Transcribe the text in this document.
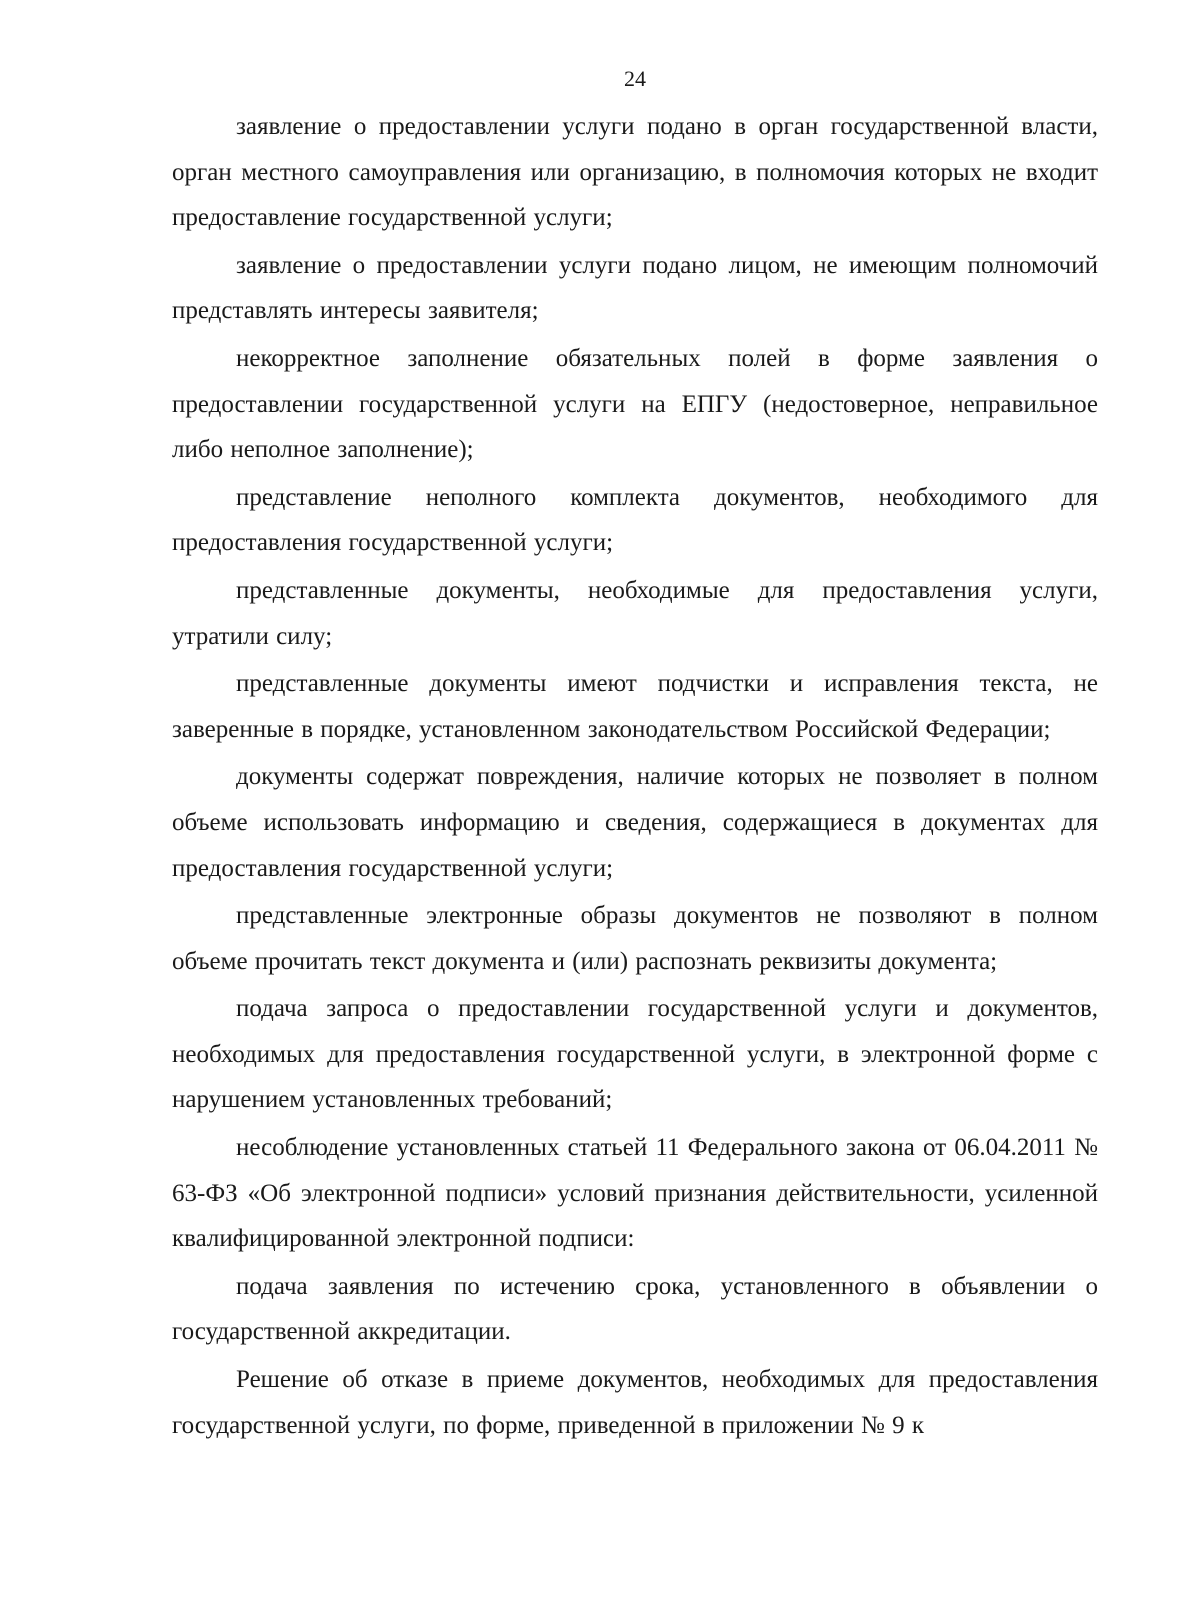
24

заявление о предоставлении услуги подано в орган государственной власти, орган местного самоуправления или организацию, в полномочия которых не входит предоставление государственной услуги;

заявление о предоставлении услуги подано лицом, не имеющим полномочий представлять интересы заявителя;

некорректное заполнение обязательных полей в форме заявления о предоставлении государственной услуги на ЕПГУ (недостоверное, неправильное либо неполное заполнение);

представление неполного комплекта документов, необходимого для предоставления государственной услуги;

представленные документы, необходимые для предоставления услуги, утратили силу;

представленные документы имеют подчистки и исправления текста, не заверенные в порядке, установленном законодательством Российской Федерации;

документы содержат повреждения, наличие которых не позволяет в полном объеме использовать информацию и сведения, содержащиеся в документах для предоставления государственной услуги;

представленные электронные образы документов не позволяют в полном объеме прочитать текст документа и (или) распознать реквизиты документа;

подача запроса о предоставлении государственной услуги и документов, необходимых для предоставления государственной услуги, в электронной форме с нарушением установленных требований;

несоблюдение установленных статьей 11 Федерального закона от 06.04.2011 № 63-ФЗ «Об электронной подписи» условий признания действительности, усиленной квалифицированной электронной подписи:

подача заявления по истечению срока, установленного в объявлении о государственной аккредитации.

Решение об отказе в приеме документов, необходимых для предоставления государственной услуги, по форме, приведенной в приложении № 9 к
